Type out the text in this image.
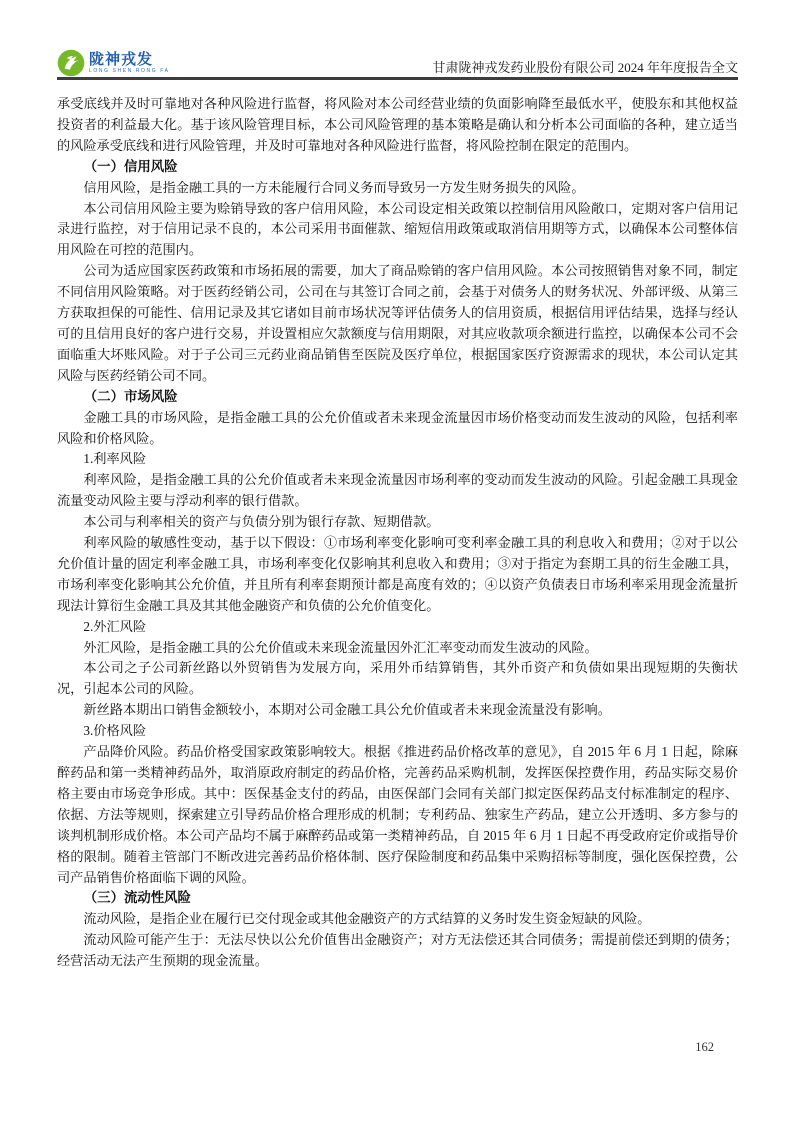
陇神戎发
LONG SHEN RONG FA	甘肃陇神戎发药业股份有限公司 2024 年年度报告全文

承受底线并及时可靠地对各种风险进行监督，将风险对本公司经营业绩的负面影响降至最低水平，使股东和其他权益投资者的利益最大化。基于该风险管理目标，本公司风险管理的基本策略是确认和分析本公司面临的各种，建立适当的风险承受底线和进行风险管理，并及时可靠地对各种风险进行监督，将风险控制在限定的范围内。

（一）信用风险

信用风险，是指金融工具的一方未能履行合同义务而导致另一方发生财务损失的风险。

本公司信用风险主要为赊销导致的客户信用风险，本公司设定相关政策以控制信用风险敞口，定期对客户信用记录进行监控，对于信用记录不良的，本公司采用书面催款、缩短信用政策或取消信用期等方式，以确保本公司整体信用风险在可控的范围内。

公司为适应国家医药政策和市场拓展的需要，加大了商品赊销的客户信用风险。本公司按照销售对象不同，制定不同信用风险策略。对于医药经销公司，公司在与其签订合同之前，会基于对债务人的财务状况、外部评级、从第三方获取担保的可能性、信用记录及其它诸如目前市场状况等评估债务人的信用资质，根据信用评估结果，选择与经认可的且信用良好的客户进行交易，并设置相应欠款额度与信用期限，对其应收款项余额进行监控，以确保本公司不会面临重大坏账风险。对于子公司三元药业商品销售至医院及医疗单位，根据国家医疗资源需求的现状，本公司认定其风险与医药经销公司不同。

（二）市场风险

金融工具的市场风险，是指金融工具的公允价值或者未来现金流量因市场价格变动而发生波动的风险，包括利率风险和价格风险。

1.利率风险

利率风险，是指金融工具的公允价值或者未来现金流量因市场利率的变动而发生波动的风险。引起金融工具现金流量变动风险主要与浮动利率的银行借款。

本公司与利率相关的资产与负债分别为银行存款、短期借款。

利率风险的敏感性变动，基于以下假设：①市场利率变化影响可变利率金融工具的利息收入和费用；②对于以公允价值计量的固定利率金融工具，市场利率变化仅影响其利息收入和费用；③对于指定为套期工具的衍生金融工具，市场利率变化影响其公允价值，并且所有利率套期预计都是高度有效的；④以资产负债表日市场利率采用现金流量折现法计算衍生金融工具及其其他金融资产和负债的公允价值变化。

2.外汇风险

外汇风险，是指金融工具的公允价值或未来现金流量因外汇汇率变动而发生波动的风险。

本公司之子公司新丝路以外贸销售为发展方向，采用外币结算销售，其外币资产和负债如果出现短期的失衡状况，引起本公司的风险。

新丝路本期出口销售金额较小，本期对公司金融工具公允价值或者未来现金流量没有影响。

3.价格风险

产品降价风险。药品价格受国家政策影响较大。根据《推进药品价格改革的意见》，自 2015 年 6 月 1 日起，除麻醉药品和第一类精神药品外，取消原政府制定的药品价格，完善药品采购机制，发挥医保控费作用，药品实际交易价格主要由市场竞争形成。其中：医保基金支付的药品，由医保部门会同有关部门拟定医保药品支付标准制定的程序、依据、方法等规则，探索建立引导药品价格合理形成的机制；专利药品、独家生产药品，建立公开透明、多方参与的谈判机制形成价格。本公司产品均不属于麻醉药品或第一类精神药品，自 2015 年 6 月 1 日起不再受政府定价或指导价格的限制。随着主管部门不断改进完善药品价格体制、医疗保险制度和药品集中采购招标等制度，强化医保控费，公司产品销售价格面临下调的风险。

（三）流动性风险

流动风险，是指企业在履行已交付现金或其他金融资产的方式结算的义务时发生资金短缺的风险。

流动风险可能产生于：无法尽快以公允价值售出金融资产；对方无法偿还其合同债务；需提前偿还到期的债务；经营活动无法产生预期的现金流量。

162
